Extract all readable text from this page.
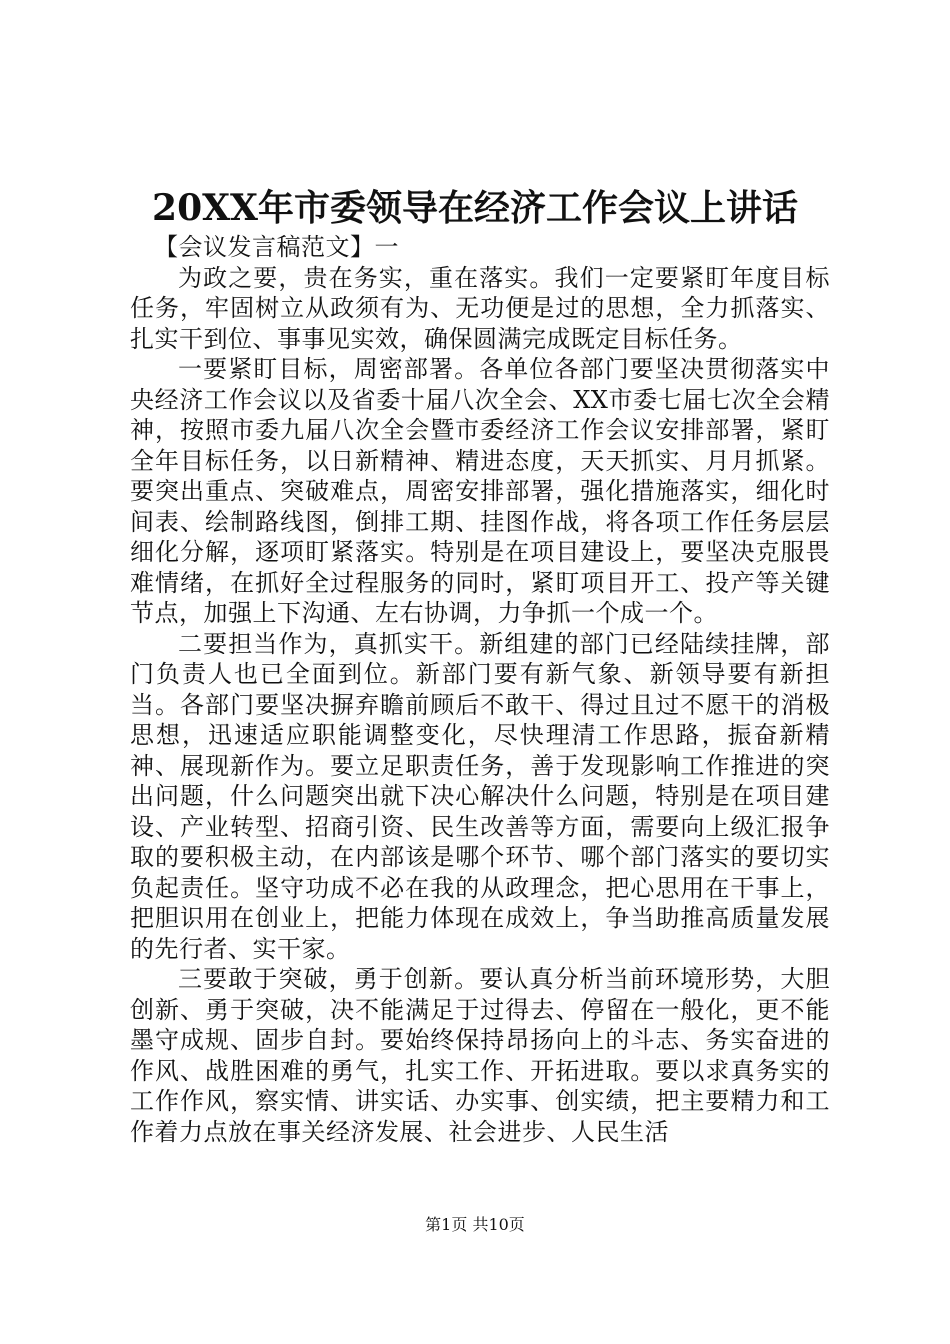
20XX年市委领导在经济工作会议上讲话

【会议发言稿范文】一

为政之要，贵在务实，重在落实。我们一定要紧盯年度目标任务，牢固树立从政须有为、无功便是过的思想，全力抓落实、扎实干到位、事事见实效，确保圆满完成既定目标任务。

一要紧盯目标，周密部署。各单位各部门要坚决贯彻落实中央经济工作会议以及省委十届八次全会、XX市委七届七次全会精神，按照市委九届八次全会暨市委经济工作会议安排部署，紧盯全年目标任务，以日新精神、精进态度，天天抓实、月月抓紧。要突出重点、突破难点，周密安排部署，强化措施落实，细化时间表、绘制路线图，倒排工期、挂图作战，将各项工作任务层层细化分解，逐项盯紧落实。特别是在项目建设上，要坚决克服畏难情绪，在抓好全过程服务的同时，紧盯项目开工、投产等关键节点，加强上下沟通、左右协调，力争抓一个成一个。

二要担当作为，真抓实干。新组建的部门已经陆续挂牌，部门负责人也已全面到位。新部门要有新气象、新领导要有新担当。各部门要坚决摒弃瞻前顾后不敢干、得过且过不愿干的消极思想，迅速适应职能调整变化，尽快理清工作思路，振奋新精神、展现新作为。要立足职责任务，善于发现影响工作推进的突出问题，什么问题突出就下决心解决什么问题，特别是在项目建设、产业转型、招商引资、民生改善等方面，需要向上级汇报争取的要积极主动，在内部该是哪个环节、哪个部门落实的要切实负起责任。坚守功成不必在我的从政理念，把心思用在干事上，把胆识用在创业上，把能力体现在成效上，争当助推高质量发展的先行者、实干家。

三要敢于突破，勇于创新。要认真分析当前环境形势，大胆创新、勇于突破，决不能满足于过得去、停留在一般化，更不能墨守成规、固步自封。要始终保持昂扬向上的斗志、务实奋进的作风、战胜困难的勇气，扎实工作、开拓进取。要以求真务实的工作作风，察实情、讲实话、办实事、创实绩，把主要精力和工作着力点放在事关经济发展、社会进步、人民生活

第1页 共10页
